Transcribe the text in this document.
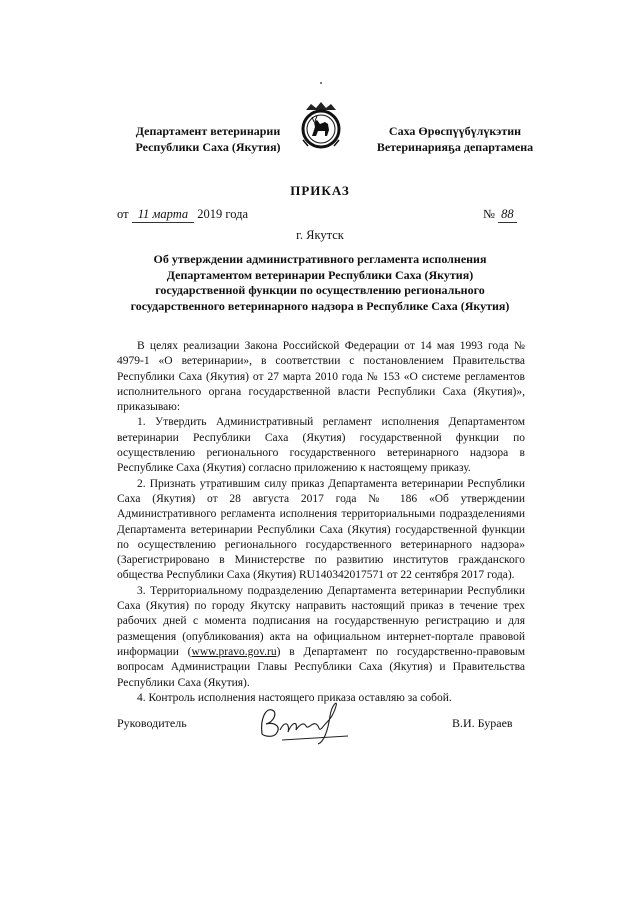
Департамент ветеринарии
Республики Саха (Якутия)
Саха Өрөспүүбүлүкэтин
Ветеринарияҕа департамена
ПРИКАЗ
от 11 марта 2019 года	№ 88
г. Якутск
Об утверждении административного регламента исполнения Департаментом ветеринарии Республики Саха (Якутия) государственной функции по осуществлению регионального государственного ветеринарного надзора в Республике Саха (Якутия)

В целях реализации Закона Российской Федерации от 14 мая 1993 года № 4979-1 «О ветеринарии», в соответствии с постановлением Правительства Республики Саха (Якутия) от 27 марта 2010 года № 153 «О системе регламентов исполнительного органа государственной власти Республики Саха (Якутия)», приказываю:

1. Утвердить Административный регламент исполнения Департаментом ветеринарии Республики Саха (Якутия) государственной функции по осуществлению регионального государственного ветеринарного надзора в Республике Саха (Якутия) согласно приложению к настоящему приказу.

2. Признать утратившим силу приказ Департамента ветеринарии Республики Саха (Якутия) от 28 августа 2017 года № 186 «Об утверждении Административного регламента исполнения территориальными подразделениями Департамента ветеринарии Республики Саха (Якутия) государственной функции по осуществлению регионального государственного ветеринарного надзора» (Зарегистрировано в Министерстве по развитию институтов гражданского общества Республики Саха (Якутия) RU140342017571 от 22 сентября 2017 года).

3. Территориальному подразделению Департамента ветеринарии Республики Саха (Якутия) по городу Якутску направить настоящий приказ в течение трех рабочих дней с момента подписания на государственную регистрацию и для размещения (опубликования) акта на официальном интернет-портале правовой информации (www.pravo.gov.ru) в Департамент по государственно-правовым вопросам Администрации Главы Республики Саха (Якутия) и Правительства Республики Саха (Якутия).

4. Контроль исполнения настоящего приказа оставляю за собой.

Руководитель	В.И. Бураев
